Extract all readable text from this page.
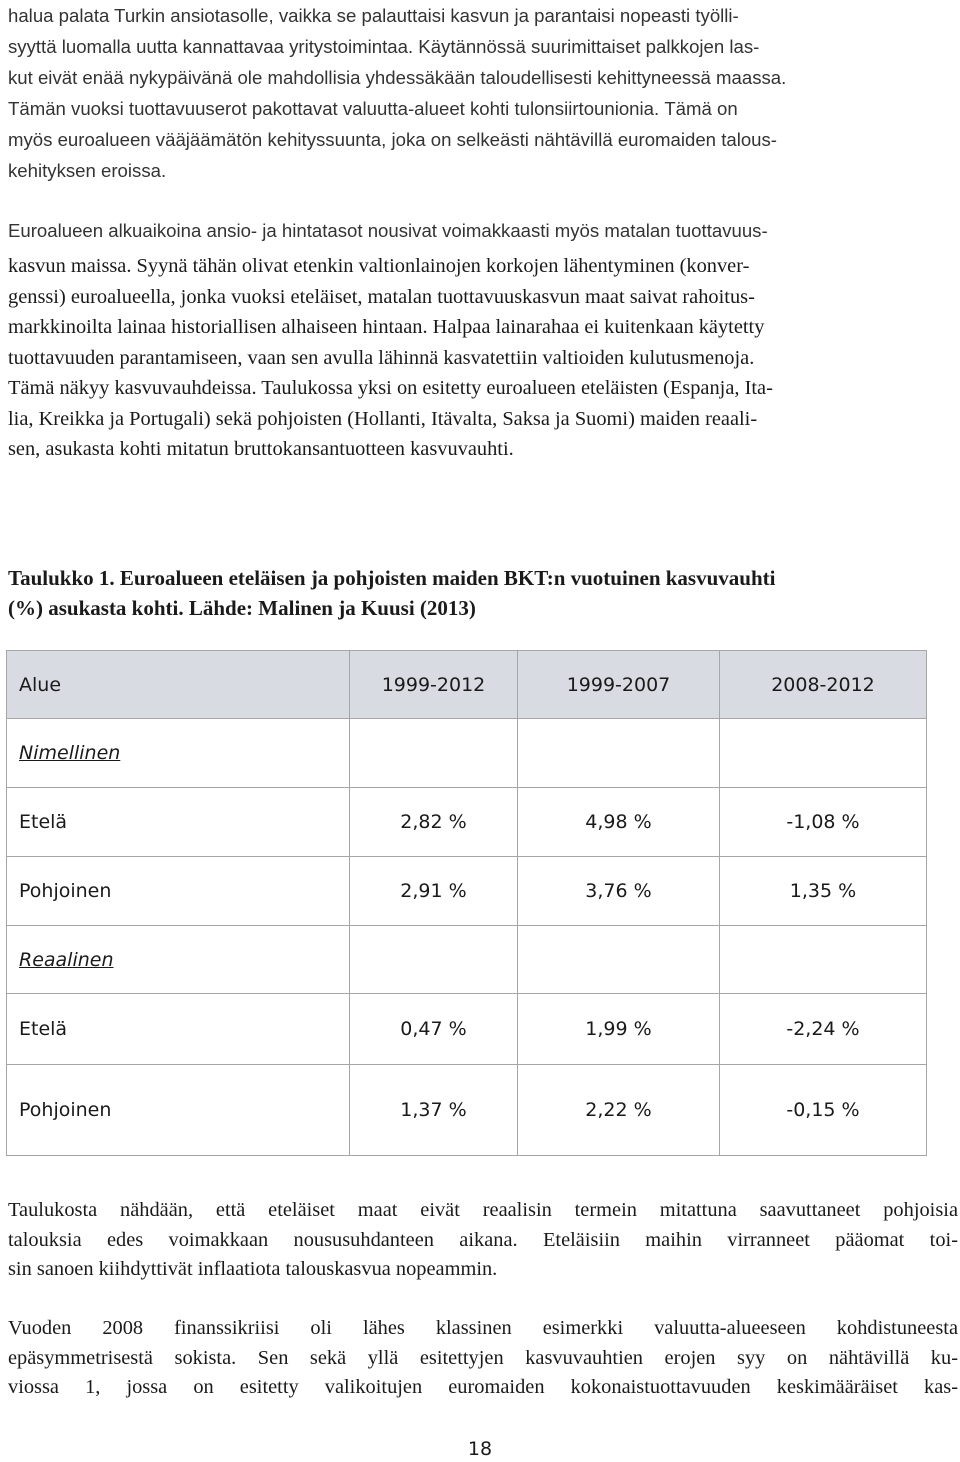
halua palata Turkin ansiotasolle, vaikka se palauttaisi kasvun ja parantaisi nopeasti työlli-
syyttä luomalla uutta kannattavaa yritystoimintaa. Käytännössä suurimittaiset palkkojen las-
kut eivät enää nykypäivänä ole mahdollisia yhdessäkään taloudellisesti kehittyneessä maassa.
Tämän vuoksi tuottavuuserot pakottavat valuutta-alueet kohti tulonsiirtounioniа. Tämä on
myös euroalueen vääjäämätön kehityssuunta, joka on selkeästi nähtävillä euromaiden talous-
kehityksen eroissa.
Euroalueen alkuaikoina ansio- ja hintatasot nousivat voimakkaasti myös matalan tuottavuus-
kasvun maissa. Syynä tähän olivat etenkin valtionlainojen korkojen lähentyminen (konver-
genssi) euroalueella, jonka vuoksi eteläiset, matalan tuottavuuskasvun maat saivat rahoitus-
markkinoilta lainaa historiallisen alhaiseen hintaan. Halpaa lainarahaa ei kuitenkaan käytetty
tuottavuuden parantamiseen, vaan sen avulla lähinnä kasvatettiin valtioiden kulutusmenoja.
Tämä näkyy kasvuvauhdeissa. Taulukossa yksi on esitetty euroalueen eteläisten (Espanja, Ita-
lia, Kreikka ja Portugali) sekä pohjoisten (Hollanti, Itävalta, Saksa ja Suomi) maiden reaali-
sen, asukasta kohti mitatun bruttokansantuotteen kasvuvauhti.
Taulukko 1. Euroalueen eteläisen ja pohjoisten maiden BKT:n vuotuinen kasvuvauhti
(%) asukasta kohti. Lähde: Malinen ja Kuusi (2013)
Alue	1999-2012	1999-2007	2008-2012
Nimellinen			
Etelä	2,82 %	4,98 %	-1,08 %
Pohjoinen	2,91 %	3,76 %	1,35 %
Reaalinen			
Etelä	0,47 %	1,99 %	-2,24 %
Pohjoinen	1,37 %	2,22 %	-0,15 %
Taulukosta nähdään, että eteläiset maat eivät reaalisin termein mitattuna saavuttaneet pohjoisia
talouksia edes voimakkaan noususuhdanteen aikana. Eteläisiin maihin virranneet pääomat toi-
sin sanoen kiihdyttivät inflaatiota talouskasvua nopeammin.
Vuoden 2008 finanssikriisi oli lähes klassinen esimerkki valuutta-alueeseen kohdistuneesta
epäsymmetrisestä sokista. Sen sekä yllä esitettyjen kasvuvauhtien erojen syy on nähtävillä ku-
viossa 1, jossa on esitetty valikoitujen euromaiden kokonaistuottavuuden keskimääräiset kas-
18
